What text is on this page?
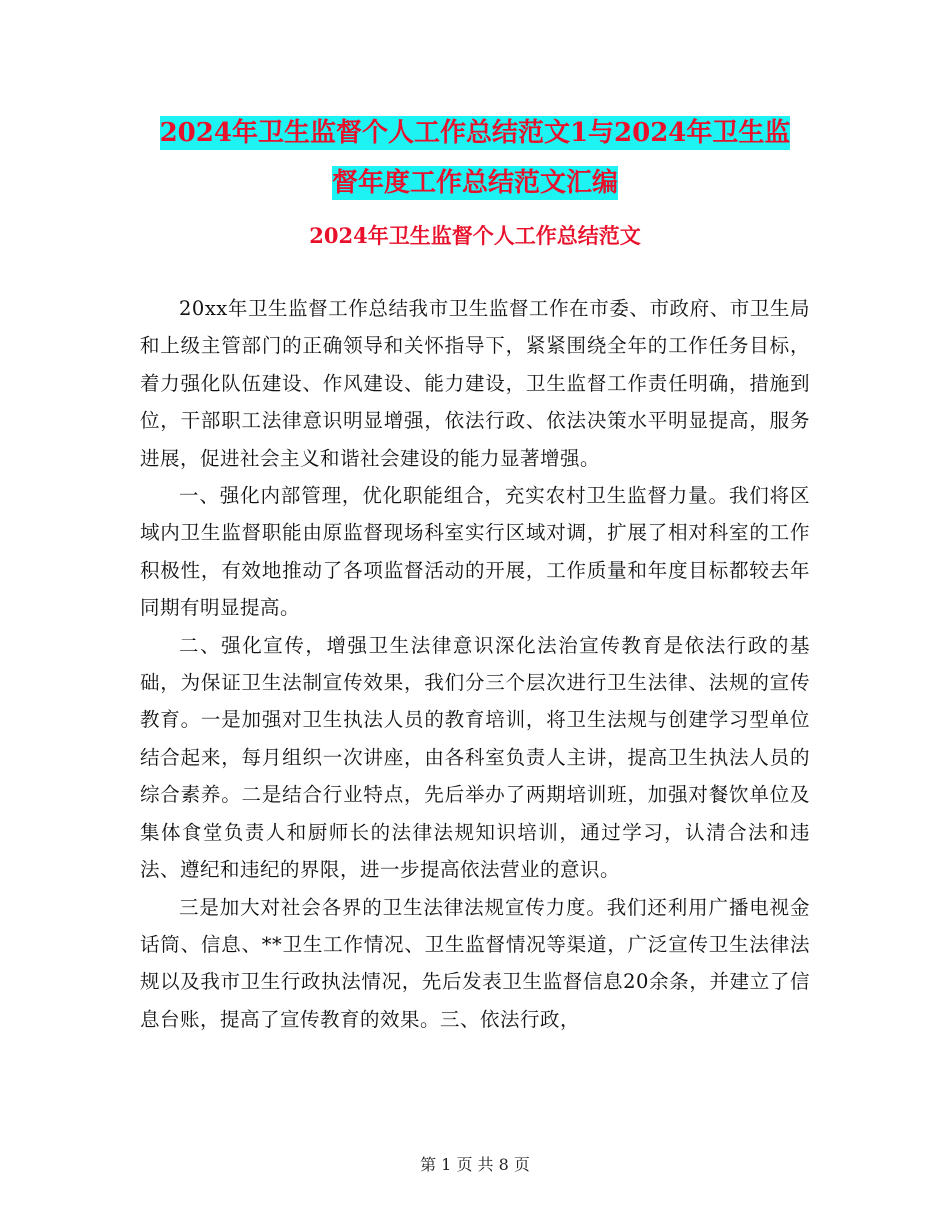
2024年卫生监督个人工作总结范文1与2024年卫生监
督年度工作总结范文汇编
2024年卫生监督个人工作总结范文

20xx年卫生监督工作总结我市卫生监督工作在市委、市政府、市卫生局和上级主管部门的正确领导和关怀指导下，紧紧围绕全年的工作任务目标，着力强化队伍建设、作风建设、能力建设，卫生监督工作责任明确，措施到位，干部职工法律意识明显增强，依法行政、依法决策水平明显提高，服务进展，促进社会主义和谐社会建设的能力显著增强。

一、强化内部管理，优化职能组合，充实农村卫生监督力量。我们将区域内卫生监督职能由原监督现场科室实行区域对调，扩展了相对科室的工作积极性，有效地推动了各项监督活动的开展，工作质量和年度目标都较去年同期有明显提高。

二、强化宣传，增强卫生法律意识深化法治宣传教育是依法行政的基础，为保证卫生法制宣传效果，我们分三个层次进行卫生法律、法规的宣传教育。一是加强对卫生执法人员的教育培训，将卫生法规与创建学习型单位结合起来，每月组织一次讲座，由各科室负责人主讲，提高卫生执法人员的综合素养。二是结合行业特点，先后举办了两期培训班，加强对餐饮单位及集体食堂负责人和厨师长的法律法规知识培训，通过学习，认清合法和违法、遵纪和违纪的界限，进一步提高依法营业的意识。

三是加大对社会各界的卫生法律法规宣传力度。我们还利用广播电视金话筒、信息、**卫生工作情况、卫生监督情况等渠道，广泛宣传卫生法律法规以及我市卫生行政执法情况，先后发表卫生监督信息20余条，并建立了信息台账，提高了宣传教育的效果。三、依法行政，

第 1 页 共 8 页
